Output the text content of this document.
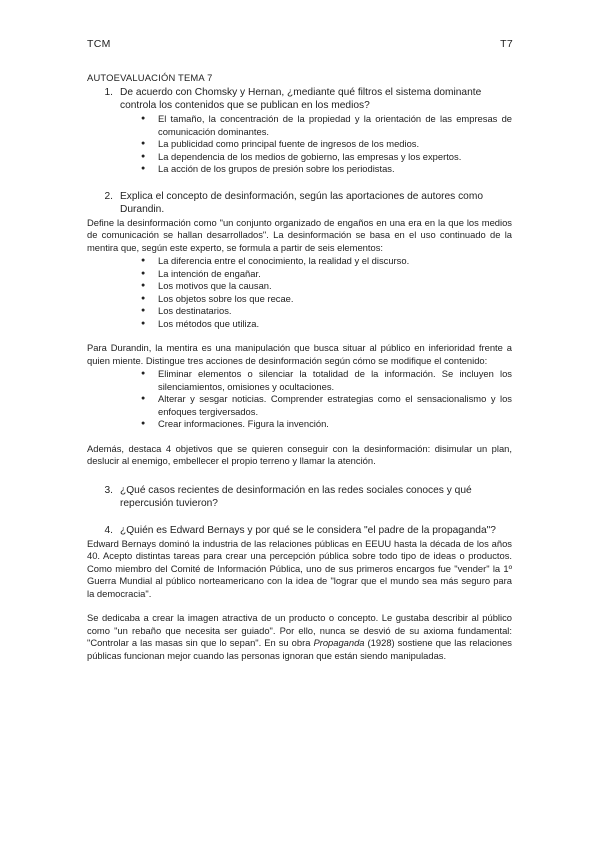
TCM	T7
AUTOEVALUACIÓN TEMA 7
1. De acuerdo con Chomsky y Hernan, ¿mediante qué filtros el sistema dominante controla los contenidos que se publican en los medios?
● El tamaño, la concentración de la propiedad y la orientación de las empresas de comunicación dominantes.
● La publicidad como principal fuente de ingresos de los medios.
● La dependencia de los medios de gobierno, las empresas y los expertos.
● La acción de los grupos de presión sobre los periodistas.
2. Explica el concepto de desinformación, según las aportaciones de autores como Durandin.

Define la desinformación como "un conjunto organizado de engaños en una era en la que los medios de comunicación se hallan desarrollados". La desinformación se basa en el uso continuado de la mentira que, según este experto, se formula a partir de seis elementos:

● La diferencia entre el conocimiento, la realidad y el discurso.
● La intención de engañar.
● Los motivos que la causan.
● Los objetos sobre los que recae.
● Los destinatarios.
● Los métodos que utiliza.

Para Durandin, la mentira es una manipulación que busca situar al público en inferioridad frente a quien miente. Distingue tres acciones de desinformación según cómo se modifique el contenido:

● Eliminar elementos o silenciar la totalidad de la información. Se incluyen los silenciamientos, omisiones y ocultaciones.
● Alterar y sesgar noticias. Comprender estrategias como el sensacionalismo y los enfoques tergiversados.
● Crear informaciones. Figura la invención.

Además, destaca 4 objetivos que se quieren conseguir con la desinformación: disimular un plan, deslucir al enemigo, embellecer el propio terreno y llamar la atención.

3. ¿Qué casos recientes de desinformación en las redes sociales conoces y qué repercusión tuvieron?
4. ¿Quién es Edward Bernays y por qué se le considera "el padre de la propaganda"?

Edward Bernays dominó la industria de las relaciones públicas en EEUU hasta la década de los años 40. Acepto distintas tareas para crear una percepción pública sobre todo tipo de ideas o productos. Como miembro del Comité de Información Pública, uno de sus primeros encargos fue "vender" la 1º Guerra Mundial al público norteamericano con la idea de "lograr que el mundo sea más seguro para la democracia".

Se dedicaba a crear la imagen atractiva de un producto o concepto. Le gustaba describir al público como "un rebaño que necesita ser guiado". Por ello, nunca se desvió de su axioma fundamental: "Controlar a las masas sin que lo sepan". En su obra Propaganda (1928) sostiene que las relaciones públicas funcionan mejor cuando las personas ignoran que están siendo manipuladas.
